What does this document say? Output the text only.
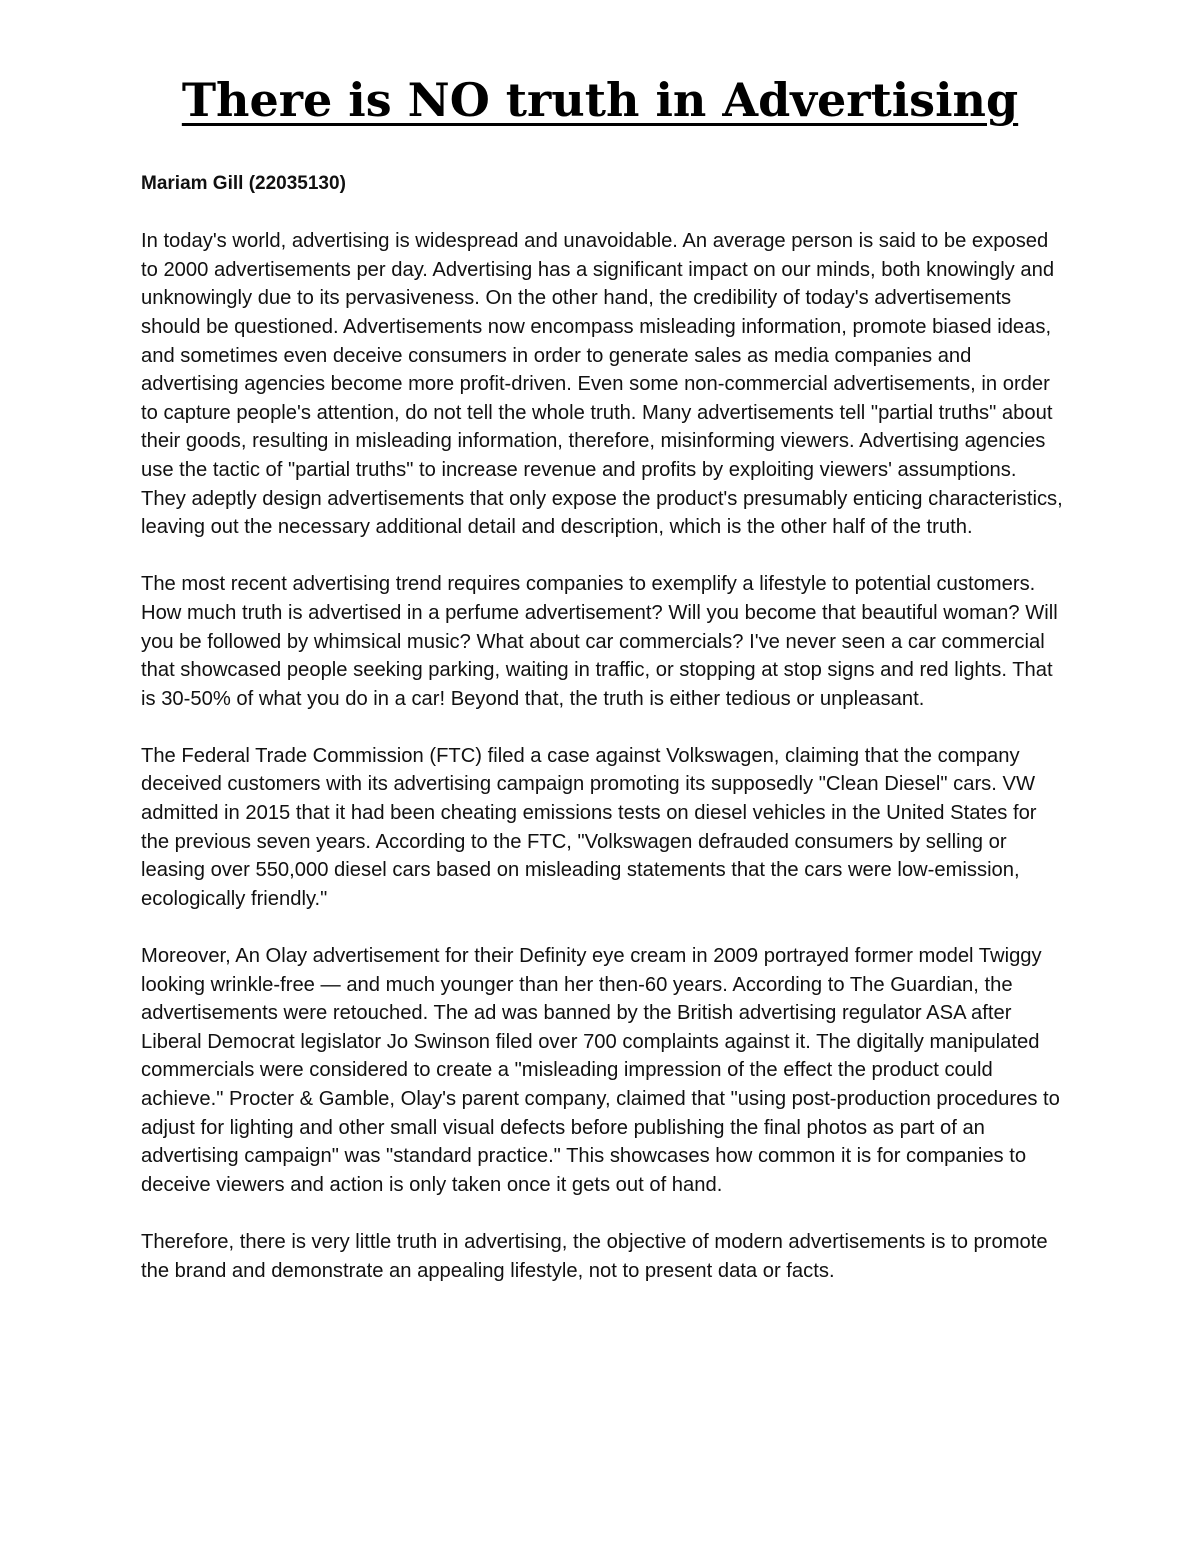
There is NO truth in Advertising

Mariam Gill (22035130)

In today's world, advertising is widespread and unavoidable. An average person is said to be exposed to 2000 advertisements per day. Advertising has a significant impact on our minds, both knowingly and unknowingly due to its pervasiveness. On the other hand, the credibility of today's advertisements should be questioned. Advertisements now encompass misleading information, promote biased ideas, and sometimes even deceive consumers in order to generate sales as media companies and advertising agencies become more profit-driven. Even some non-commercial advertisements, in order to capture people's attention, do not tell the whole truth. Many advertisements tell "partial truths" about their goods, resulting in misleading information, therefore, misinforming viewers. Advertising agencies use the tactic of "partial truths" to increase revenue and profits by exploiting viewers' assumptions. They adeptly design advertisements that only expose the product's presumably enticing characteristics, leaving out the necessary additional detail and description, which is the other half of the truth.

The most recent advertising trend requires companies to exemplify a lifestyle to potential customers. How much truth is advertised in a perfume advertisement? Will you become that beautiful woman? Will you be followed by whimsical music? What about car commercials? I've never seen a car commercial that showcased people seeking parking, waiting in traffic, or stopping at stop signs and red lights. That is 30-50% of what you do in a car! Beyond that, the truth is either tedious or unpleasant.

The Federal Trade Commission (FTC) filed a case against Volkswagen, claiming that the company deceived customers with its advertising campaign promoting its supposedly "Clean Diesel" cars. VW admitted in 2015 that it had been cheating emissions tests on diesel vehicles in the United States for the previous seven years. According to the FTC, "Volkswagen defrauded consumers by selling or leasing over 550,000 diesel cars based on misleading statements that the cars were low-emission, ecologically friendly."

Moreover, An Olay advertisement for their Definity eye cream in 2009 portrayed former model Twiggy looking wrinkle-free — and much younger than her then-60 years. According to The Guardian, the advertisements were retouched. The ad was banned by the British advertising regulator ASA after Liberal Democrat legislator Jo Swinson filed over 700 complaints against it. The digitally manipulated commercials were considered to create a "misleading impression of the effect the product could achieve." Procter & Gamble, Olay's parent company, claimed that "using post-production procedures to adjust for lighting and other small visual defects before publishing the final photos as part of an advertising campaign" was "standard practice." This showcases how common it is for companies to deceive viewers and action is only taken once it gets out of hand.

Therefore, there is very little truth in advertising, the objective of modern advertisements is to promote the brand and demonstrate an appealing lifestyle, not to present data or facts.
